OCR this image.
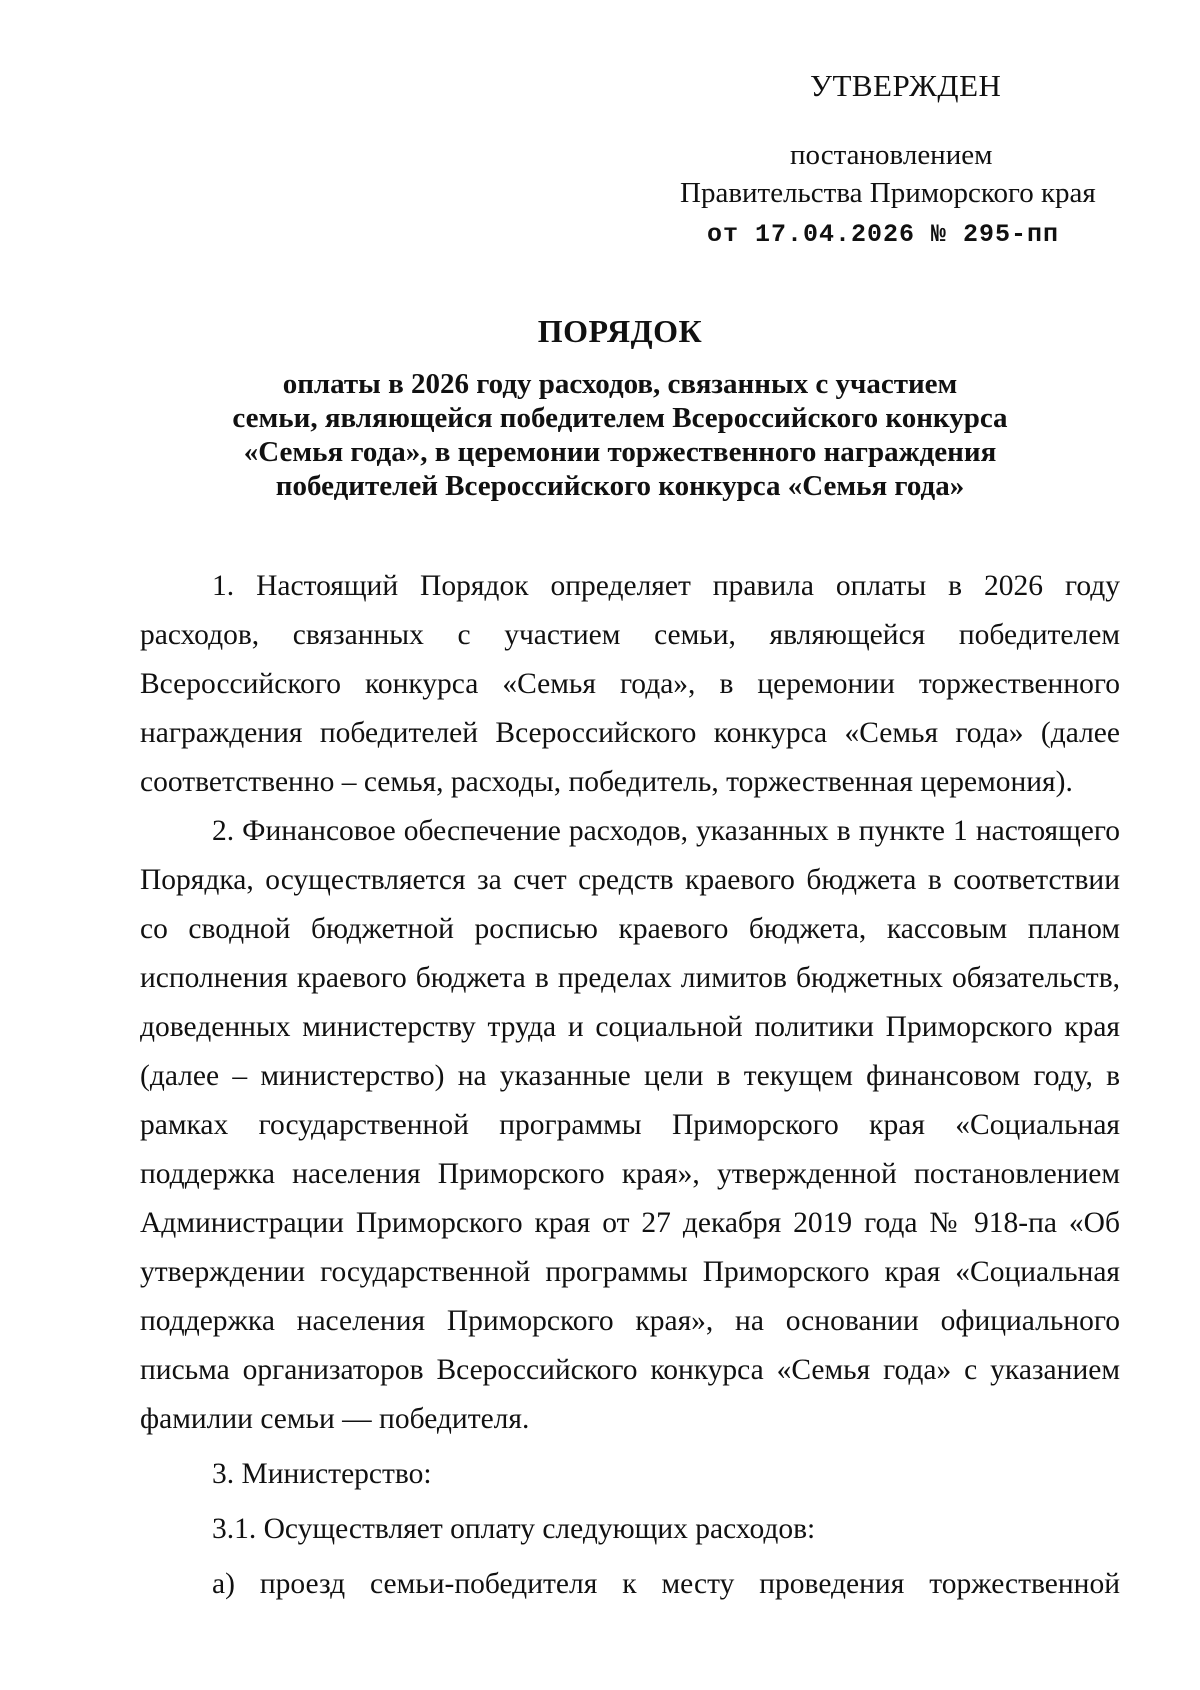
УТВЕРЖДЕН
постановлением
Правительства Приморского края
от 17.04.2026 № 295-пп
ПОРЯДОК
оплаты в 2026 году расходов, связанных с участием
семьи, являющейся победителем Всероссийского конкурса
«Семья года», в церемонии торжественного награждения
победителей Всероссийского конкурса «Семья года»

1. Настоящий Порядок определяет правила оплаты в 2026 году расходов, связанных с участием семьи, являющейся победителем Всероссийского конкурса «Семья года», в церемонии торжественного награждения победителей Всероссийского конкурса «Семья года» (далее соответственно – семья, расходы, победитель, торжественная церемония).

2. Финансовое обеспечение расходов, указанных в пункте 1 настоящего Порядка, осуществляется за счет средств краевого бюджета в соответствии со сводной бюджетной росписью краевого бюджета, кассовым планом исполнения краевого бюджета в пределах лимитов бюджетных обязательств, доведенных министерству труда и социальной политики Приморского края (далее – министерство) на указанные цели в текущем финансовом году, в рамках государственной программы Приморского края «Социальная поддержка населения Приморского края», утвержденной постановлением Администрации Приморского края от 27 декабря 2019 года № 918-па «Об утверждении государственной программы Приморского края «Социальная поддержка населения Приморского края», на основании официального письма организаторов Всероссийского конкурса «Семья года» с указанием фамилии семьи — победителя.

3. Министерство:

3.1. Осуществляет оплату следующих расходов:

а) проезд семьи-победителя к месту проведения торжественной
